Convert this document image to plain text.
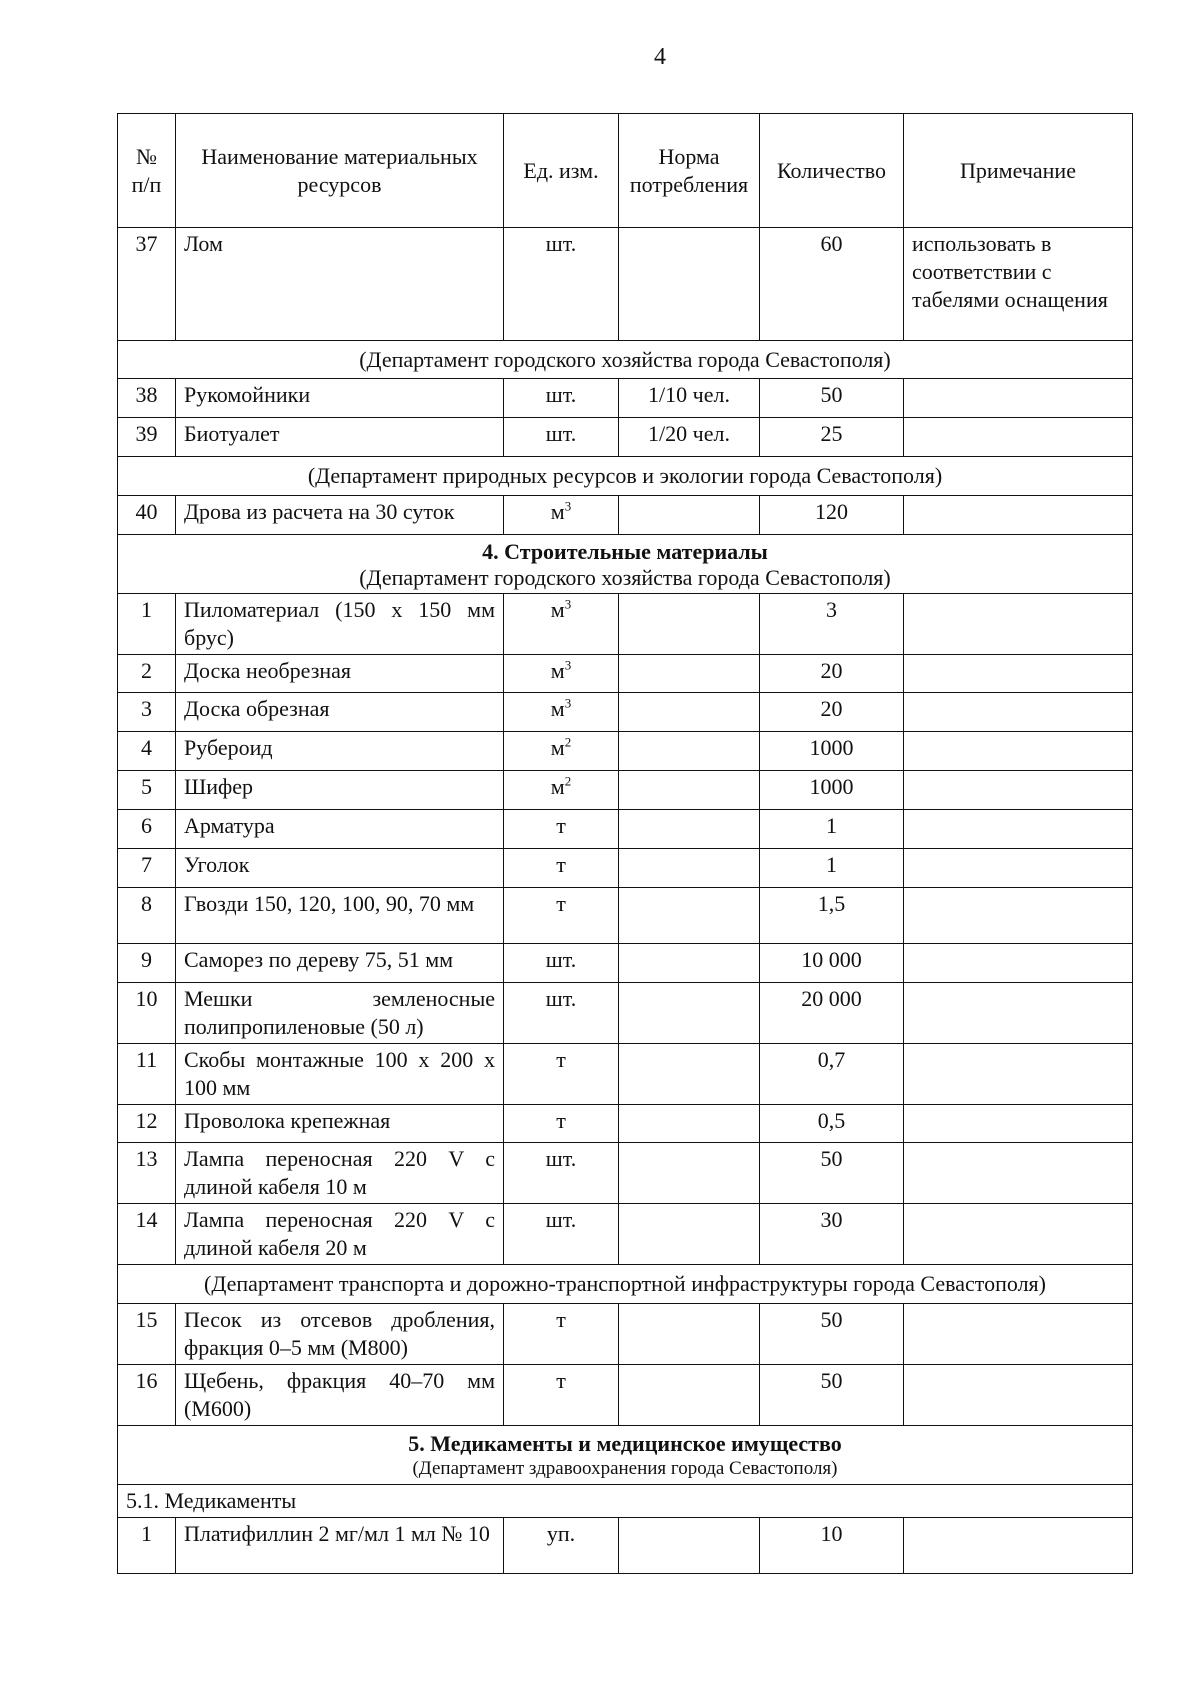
4
№ п/п	Наименование материальных ресурсов	Ед. изм.	Норма потребления	Количество	Примечание
37	Лом	шт.		60	использовать в соответствии с табелями оснащения
(Департамент городского хозяйства города Севастополя)					
38	Рукомойники	шт.	1/10 чел.	50	
39	Биотуалет	шт.	1/20 чел.	25	
(Департамент природных ресурсов и экологии города Севастополя)					
40	Дрова из расчета на 30 суток	$м^3$		120	

4. Строительные материалы
(Департамент городского хозяйства города Севастополя)					

1	Пиломатериал (150 х 150 мм брус)	$м^3$		3	
2	Доска необрезная	$м^3$		20	
3	Доска обрезная	$м^3$		20	
4	Рубероид	$м^2$		1000	
5	Шифер	$м^2$		1000	
6	Арматура	т		1	
7	Уголок	т		1	
8	Гвозди 150, 120, 100, 90, 70 мм	т		1,5	
9	Саморез по дереву 75, 51 мм	шт.		10 000	
10	Мешки земленосные полипропиленовые (50 л)	шт.		20 000	
11	Скобы монтажные 100 х 200 х 100 мм	т		0,7	
12	Проволока крепежная	т		0,5	
13	Лампа переносная 220 V с длиной кабеля 10 м	шт.		50	
14	Лампа переносная 220 V с длиной кабеля 20 м	шт.		30	
(Департамент транспорта и дорожно-транспортной инфраструктуры города Севастополя)					
15	Песок из отсевов дробления, фракция 0–5 мм (М800)	т		50	
16	Щебень, фракция 40–70 мм (М600)	т		50	

5. Медикаменты и медицинское имущество
(Департамент здравоохранения города Севастополя)					

5.1. Медикаменты					
1	Платифиллин 2 мг/мл 1 мл № 10	уп.		10	
